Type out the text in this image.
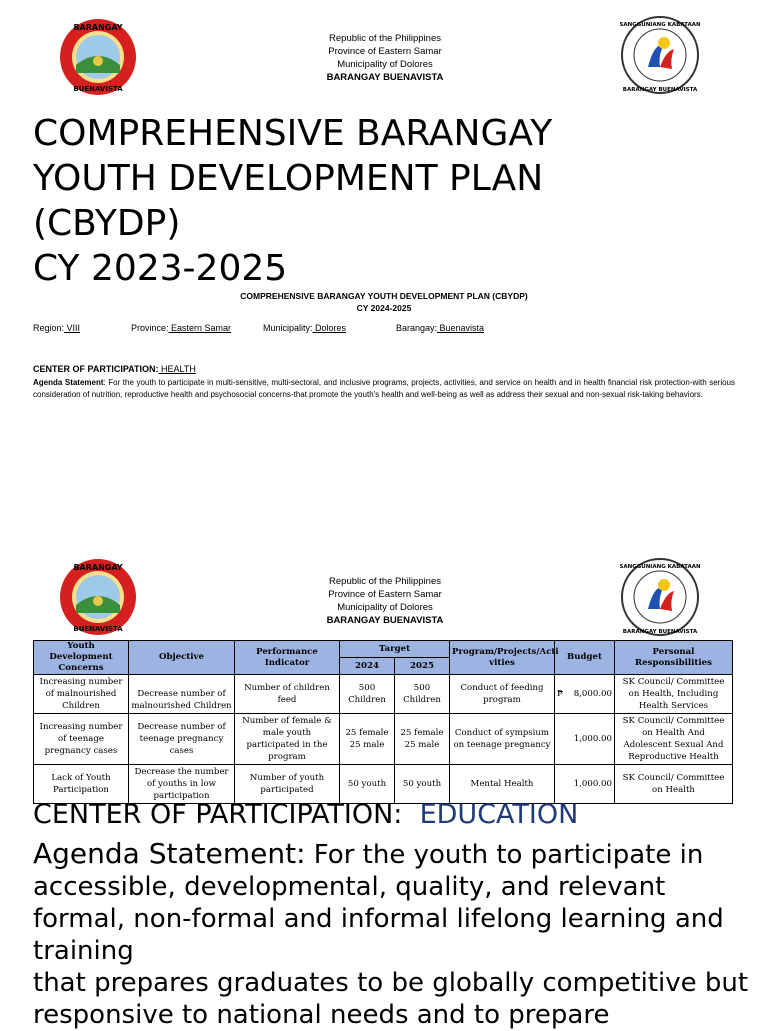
BARANGAY
BUENAVISTA
SANGGUNIANG KABATAAN
BARANGAY BUENAVISTA
Republic of the Philippines
Province of Eastern Samar
Municipality of Dolores
BARANGAY BUENAVISTA
COMPREHENSIVE BARANGAY
YOUTH DEVELOPMENT PLAN
(CBYDP)
CY 2023-2025
COMPREHENSIVE BARANGAY YOUTH DEVELOPMENT PLAN (CBYDP)
CY 2024-2025
Region: VIII	Province: Eastern Samar	Municipality: Dolores	Barangay: Buenavista
CENTER OF PARTICIPATION: HEALTH
Agenda Statement: For the youth to participate in multi-sensitive, multi-sectoral, and inclusive programs, projects, activities, and service on health and in health financial risk protection-with serious consideration of nutrition, reproductive health and psychosocial concerns-that promote the youth's health and well-being as well as address their sexual and non-sexual risk-taking behaviors.
BARANGAY
BUENAVISTA
SANGGUNIANG KABATAAN
BARANGAY BUENAVISTA
Republic of the Philippines
Province of Eastern Samar
Municipality of Dolores
BARANGAY BUENAVISTA
Youth Development Concerns	Objective	Performance Indicator	Target		Program/Projects/Acti vities	Budget	Personal Responsibilities
			2024	2025			
Increasing number of malnourished Children	Decrease number of malnourished Children	Number of children feed	500 Children	500 Children	Conduct of feeding program	₱ 8,000.00	SK Council/ Committee on Health, Including Health Services
Increasing number of teenage pregnancy cases	Decrease number of teenage pregnancy cases	Number of female & male youth participated in the program	25 female 25 male	25 female 25 male	Conduct of sympsium on teenage pregnancy	1,000.00	SK Council/ Committee on Health And Adolescent Sexual And Reproductive Health
Lack of Youth Participation	Decrease the number of youths in low participation	Number of youth participated	50 youth	50 youth	Mental Health	1,000.00	SK Council/ Committee on Health
CENTER OF PARTICIPATION: EDUCATION
Agenda Statement: For the youth to participate in accessible, developmental, quality, and relevant formal, non-formal and informal lifelong learning and training
that prepares graduates to be globally competitive but responsive to national needs and to prepare
